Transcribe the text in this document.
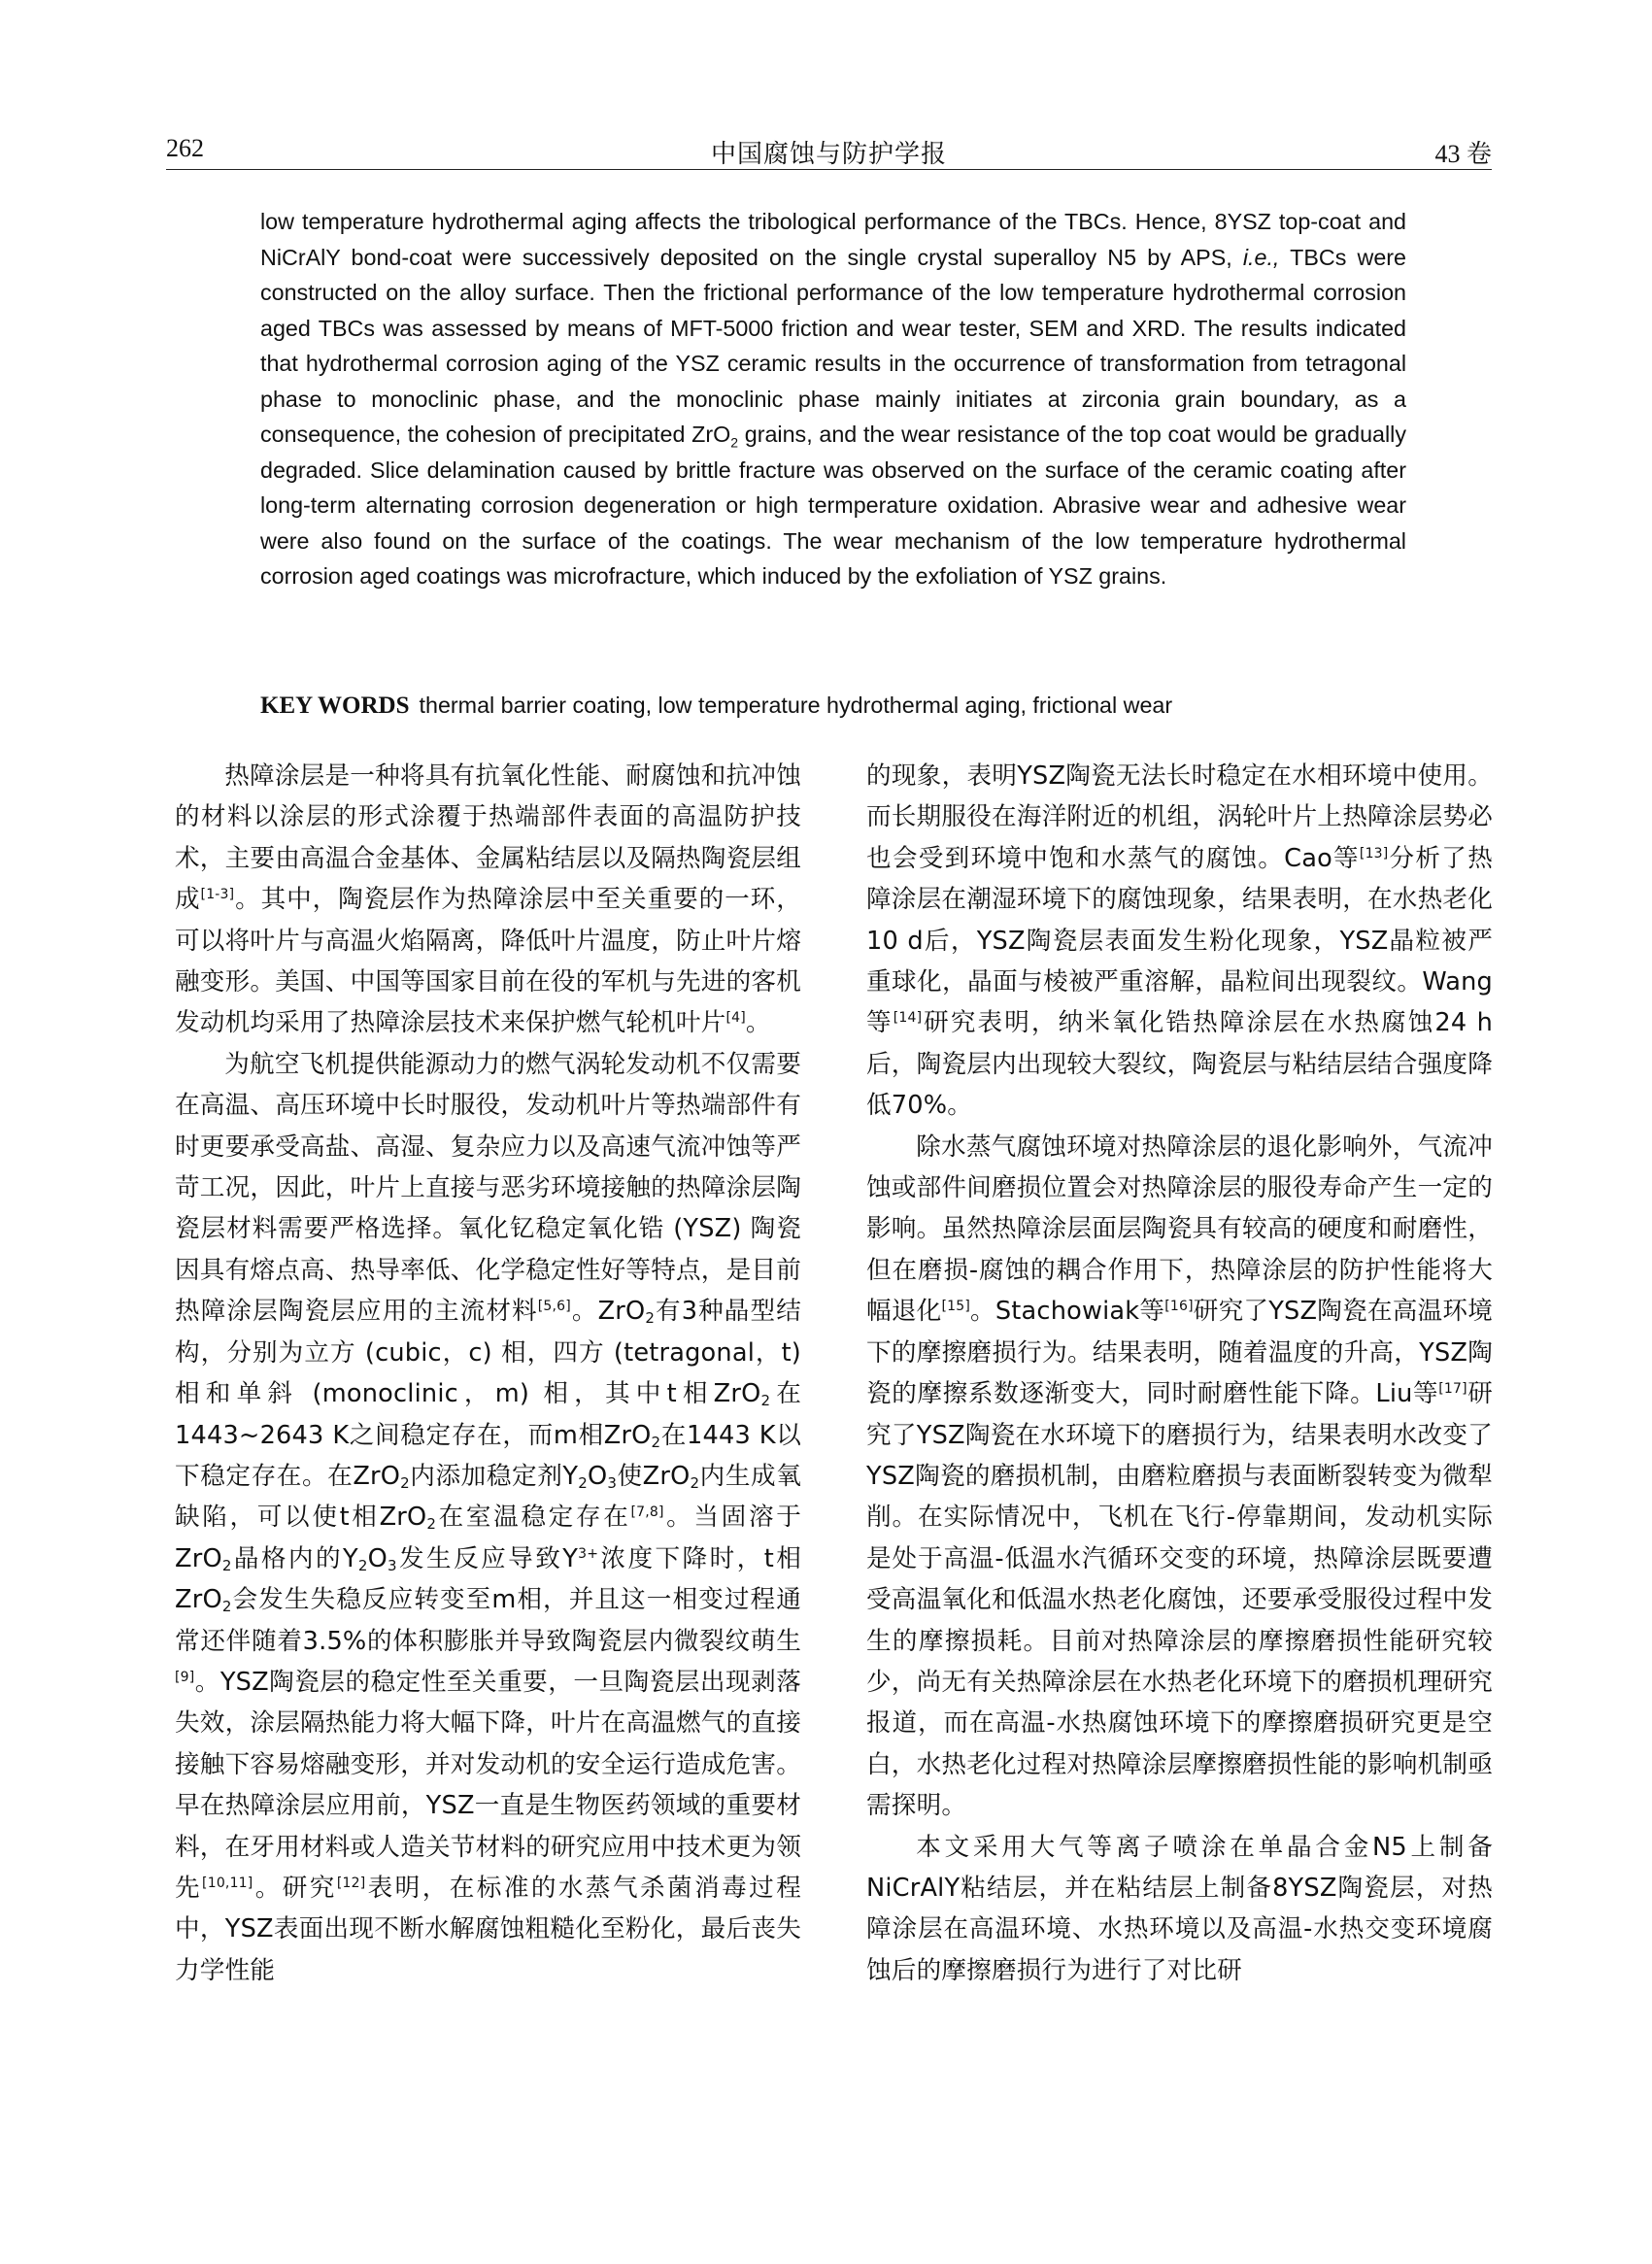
262	中国腐蚀与防护学报	43 卷
low temperature hydrothermal aging affects the tribological performance of the TBCs. Hence, 8YSZ top-coat and NiCrAlY bond-coat were successively deposited on the single crystal superalloy N5 by APS, i.e., TBCs were constructed on the alloy surface. Then the frictional performance of the low temperature hydrothermal corrosion aged TBCs was assessed by means of MFT-5000 friction and wear tester, SEM and XRD. The results indicated that hydrothermal corrosion aging of the YSZ ceramic results in the occurrence of transformation from tetragonal phase to monoclinic phase, and the monoclinic phase mainly initiates at zirconia grain boundary, as a consequence, the cohesion of precipitated ZrO$_2$ grains, and the wear resistance of the top coat would be gradually degraded. Slice delamination caused by brittle fracture was observed on the surface of the ceramic coating after long-term alternating corrosion degeneration or high termperature oxidation. Abrasive wear and adhesive wear were also found on the surface of the coatings. The wear mechanism of the low temperature hydrothermal corrosion aged coatings was microfracture, which induced by the exfoliation of YSZ grains.
KEY WORDS thermal barrier coating, low temperature hydrothermal aging, frictional wear

热障涂层是一种将具有抗氧化性能、耐腐蚀和抗冲蚀的材料以涂层的形式涂覆于热端部件表面的高温防护技术，主要由高温合金基体、金属粘结层以及隔热陶瓷层组成[1-3]。其中，陶瓷层作为热障涂层中至关重要的一环，可以将叶片与高温火焰隔离，降低叶片温度，防止叶片熔融变形。美国、中国等国家目前在役的军机与先进的客机发动机均采用了热障涂层技术来保护燃气轮机叶片[4]。

为航空飞机提供能源动力的燃气涡轮发动机不仅需要在高温、高压环境中长时服役，发动机叶片等热端部件有时更要承受高盐、高湿、复杂应力以及高速气流冲蚀等严苛工况，因此，叶片上直接与恶劣环境接触的热障涂层陶瓷层材料需要严格选择。氧化钇稳定氧化锆 (YSZ) 陶瓷因具有熔点高、热导率低、化学稳定性好等特点，是目前热障涂层陶瓷层应用的主流材料[5,6]。ZrO$_2$有3种晶型结构，分别为立方 (cubic，c) 相，四方 (tetragonal，t) 相和单斜 (monoclinic，m) 相，其中t相ZrO$_2$在1443~2643 K之间稳定存在，而m相ZrO$_2$在1443 K以下稳定存在。在ZrO$_2$内添加稳定剂$Y_2O_3$使ZrO$_2$内生成氧缺陷，可以使t相ZrO$_2$在室温稳定存在[7,8]。当固溶于ZrO$_2$晶格内的$Y_2O_3$发生反应导致$Y^{3+}$浓度下降时，t相ZrO$_2$会发生失稳反应转变至m相，并且这一相变过程通常还伴随着3.5%的体积膨胀并导致陶瓷层内微裂纹萌生[9]。YSZ陶瓷层的稳定性至关重要，一旦陶瓷层出现剥落失效，涂层隔热能力将大幅下降，叶片在高温燃气的直接接触下容易熔融变形，并对发动机的安全运行造成危害。早在热障涂层应用前，YSZ一直是生物医药领域的重要材料，在牙用材料或人造关节材料的研究应用中技术更为领先[10,11]。研究[12]表明，在标准的水蒸气杀菌消毒过程中，YSZ表面出现不断水解腐蚀粗糙化至粉化，最后丧失力学性能

的现象，表明YSZ陶瓷无法长时稳定在水相环境中使用。而长期服役在海洋附近的机组，涡轮叶片上热障涂层势必也会受到环境中饱和水蒸气的腐蚀。Cao等[13]分析了热障涂层在潮湿环境下的腐蚀现象，结果表明，在水热老化10 d后，YSZ陶瓷层表面发生粉化现象，YSZ晶粒被严重球化，晶面与棱被严重溶解，晶粒间出现裂纹。Wang等[14]研究表明，纳米氧化锆热障涂层在水热腐蚀24 h后，陶瓷层内出现较大裂纹，陶瓷层与粘结层结合强度降低70%。

除水蒸气腐蚀环境对热障涂层的退化影响外，气流冲蚀或部件间磨损位置会对热障涂层的服役寿命产生一定的影响。虽然热障涂层面层陶瓷具有较高的硬度和耐磨性，但在磨损-腐蚀的耦合作用下，热障涂层的防护性能将大幅退化[15]。Stachowiak等[16]研究了YSZ陶瓷在高温环境下的摩擦磨损行为。结果表明，随着温度的升高，YSZ陶瓷的摩擦系数逐渐变大，同时耐磨性能下降。Liu等[17]研究了YSZ陶瓷在水环境下的磨损行为，结果表明水改变了YSZ陶瓷的磨损机制，由磨粒磨损与表面断裂转变为微犁削。在实际情况中，飞机在飞行-停靠期间，发动机实际是处于高温-低温水汽循环交变的环境，热障涂层既要遭受高温氧化和低温水热老化腐蚀，还要承受服役过程中发生的摩擦损耗。目前对热障涂层的摩擦磨损性能研究较少，尚无有关热障涂层在水热老化环境下的磨损机理研究报道，而在高温-水热腐蚀环境下的摩擦磨损研究更是空白，水热老化过程对热障涂层摩擦磨损性能的影响机制亟需探明。

本文采用大气等离子喷涂在单晶合金N5上制备NiCrAlY粘结层，并在粘结层上制备8YSZ陶瓷层，对热障涂层在高温环境、水热环境以及高温-水热交变环境腐蚀后的摩擦磨损行为进行了对比研
